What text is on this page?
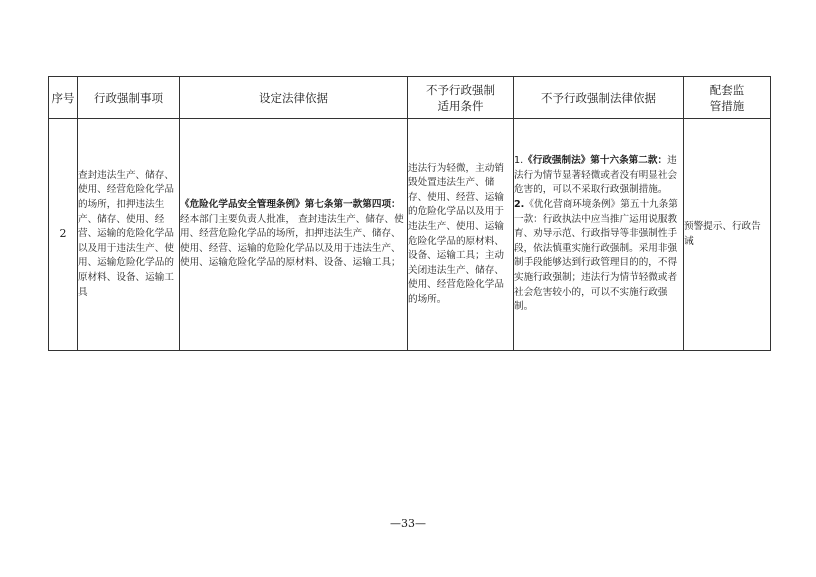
序号	行政强制事项	设定法律依据	不予行政强制
适用条件	不予行政强制法律依据	配套监
管措施
2	查封违法生产、储存、使用、经营危险化学品的场所，扣押违法生产、储存、使用、经营、运输的危险化学品以及用于违法生产、使用、运输危险化学品的原材料、设备、运输工具	《危险化学品安全管理条例》第七条第一款第四项：经本部门主要负责人批准， 查封违法生产、储存、使用、经营危险化学品的场所，扣押违法生产、储存、使用、经营、运输的危险化学品以及用于违法生产、使用、运输危险化学品的原材料、设备、运输工具；	违法行为轻微，主动销毁处置违法生产、储存、使用、经营、运输的危险化学品以及用于违法生产、使用、运输危险化学品的原材料、设备、运输工具；主动关闭违法生产、储存、使用、经营危险化学品的场所。	1.《行政强制法》第十六条第二款：违法行为情节显著轻微或者没有明显社会危害的，可以不采取行政强制措施。
2.《优化营商环境条例》第五十九条第一款：行政执法中应当推广运用说服教育、劝导示范、行政指导等非强制性手段，依法慎重实施行政强制。采用非强制手段能够达到行政管理目的的，不得实施行政强制；违法行为情节轻微或者社会危害较小的，可以不实施行政强制。	预警提示、行政告诫
—33—
